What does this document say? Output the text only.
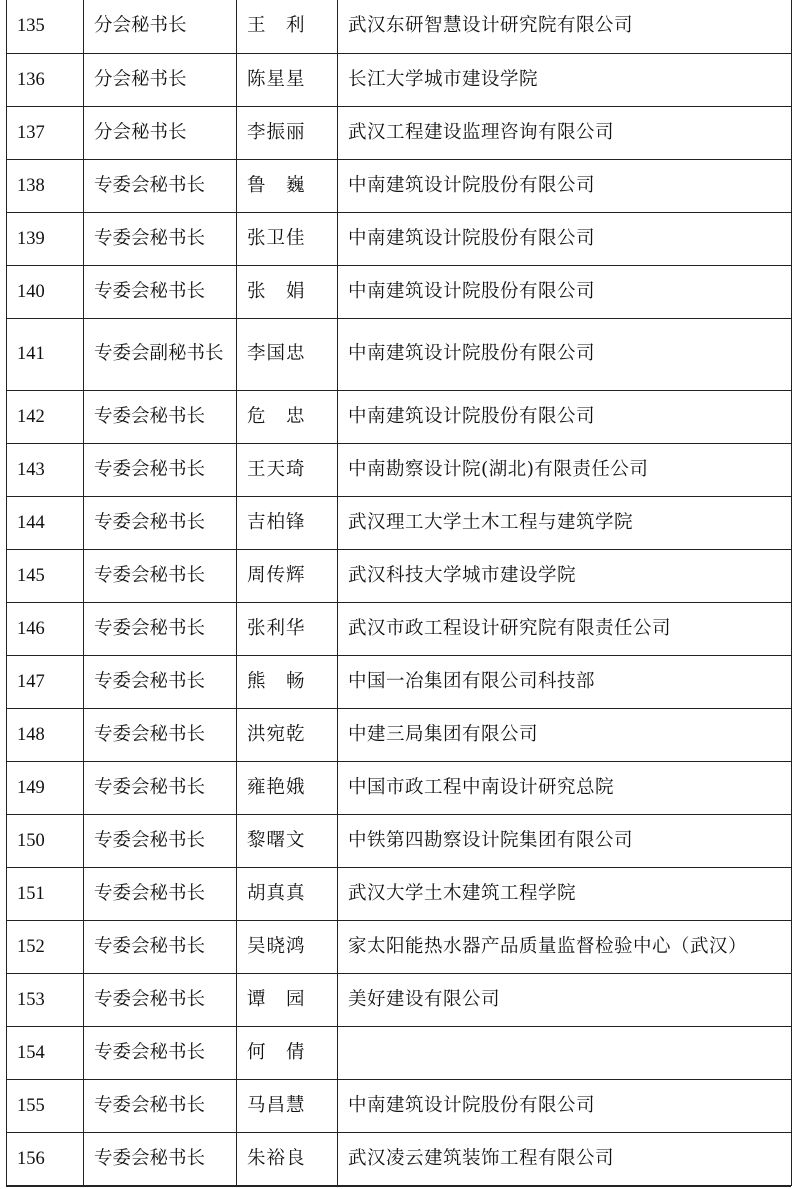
135	分会秘书长	王　利	武汉东研智慧设计研究院有限公司
136	分会秘书长	陈星星	长江大学城市建设学院
137	分会秘书长	李振丽	武汉工程建设监理咨询有限公司
138	专委会秘书长	鲁　巍	中南建筑设计院股份有限公司
139	专委会秘书长	张卫佳	中南建筑设计院股份有限公司
140	专委会秘书长	张　娟	中南建筑设计院股份有限公司
141	专委会副秘书长	李国忠	中南建筑设计院股份有限公司
142	专委会秘书长	危　忠	中南建筑设计院股份有限公司
143	专委会秘书长	王天琦	中南勘察设计院(湖北)有限责任公司
144	专委会秘书长	吉柏锋	武汉理工大学土木工程与建筑学院
145	专委会秘书长	周传辉	武汉科技大学城市建设学院
146	专委会秘书长	张利华	武汉市政工程设计研究院有限责任公司
147	专委会秘书长	熊　畅	中国一冶集团有限公司科技部
148	专委会秘书长	洪宛乾	中建三局集团有限公司
149	专委会秘书长	雍艳娥	中国市政工程中南设计研究总院
150	专委会秘书长	黎曙文	中铁第四勘察设计院集团有限公司
151	专委会秘书长	胡真真	武汉大学土木建筑工程学院
152	专委会秘书长	吴晓鸿	家太阳能热水器产品质量监督检验中心（武汉）
153	专委会秘书长	谭　园	美好建设有限公司
154	专委会秘书长	何　倩	
155	专委会秘书长	马昌慧	中南建筑设计院股份有限公司
156	专委会秘书长	朱裕良	武汉凌云建筑装饰工程有限公司
